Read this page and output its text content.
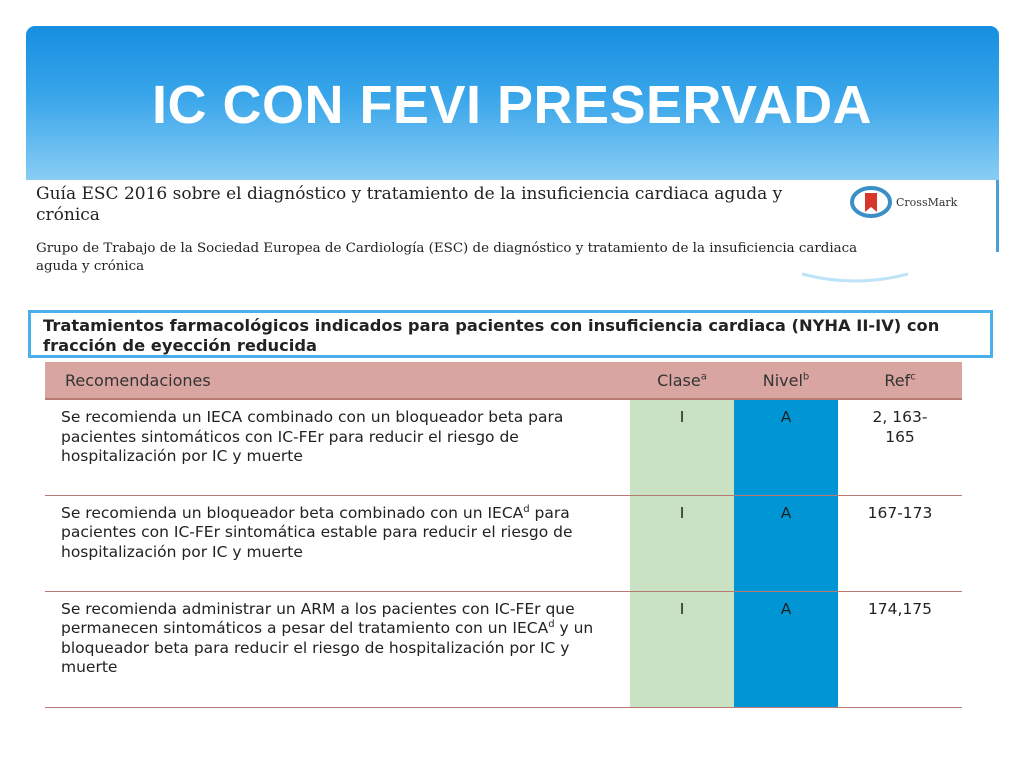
IC CON FEVI PRESERVADA
Guía ESC 2016 sobre el diagnóstico y tratamiento de la insuficiencia cardiaca aguda y crónica
Grupo de Trabajo de la Sociedad Europea de Cardiología (ESC) de diagnóstico y tratamiento de la insuficiencia cardiaca aguda y crónica
CrossMark
Tratamientos farmacológicos indicados para pacientes con insuficiencia cardiaca (NYHA II-IV) con fracción de eyección reducida
Recomendaciones	Clase$^a$	Nivel$^b$	Ref$^c$
Se recomienda un IECA combinado con un bloqueador beta para pacientes sintomáticos con IC-FEr para reducir el riesgo de hospitalización por IC y muerte	I	A	2, 163-165
Se recomienda un bloqueador beta combinado con un IECA$^d$ para pacientes con IC-FEr sintomática estable para reducir el riesgo de hospitalización por IC y muerte	I	A	167-173
Se recomienda administrar un ARM a los pacientes con IC-FEr que permanecen sintomáticos a pesar del tratamiento con un IECA$^d$ y un bloqueador beta para reducir el riesgo de hospitalización por IC y muerte	I	A	174,175
